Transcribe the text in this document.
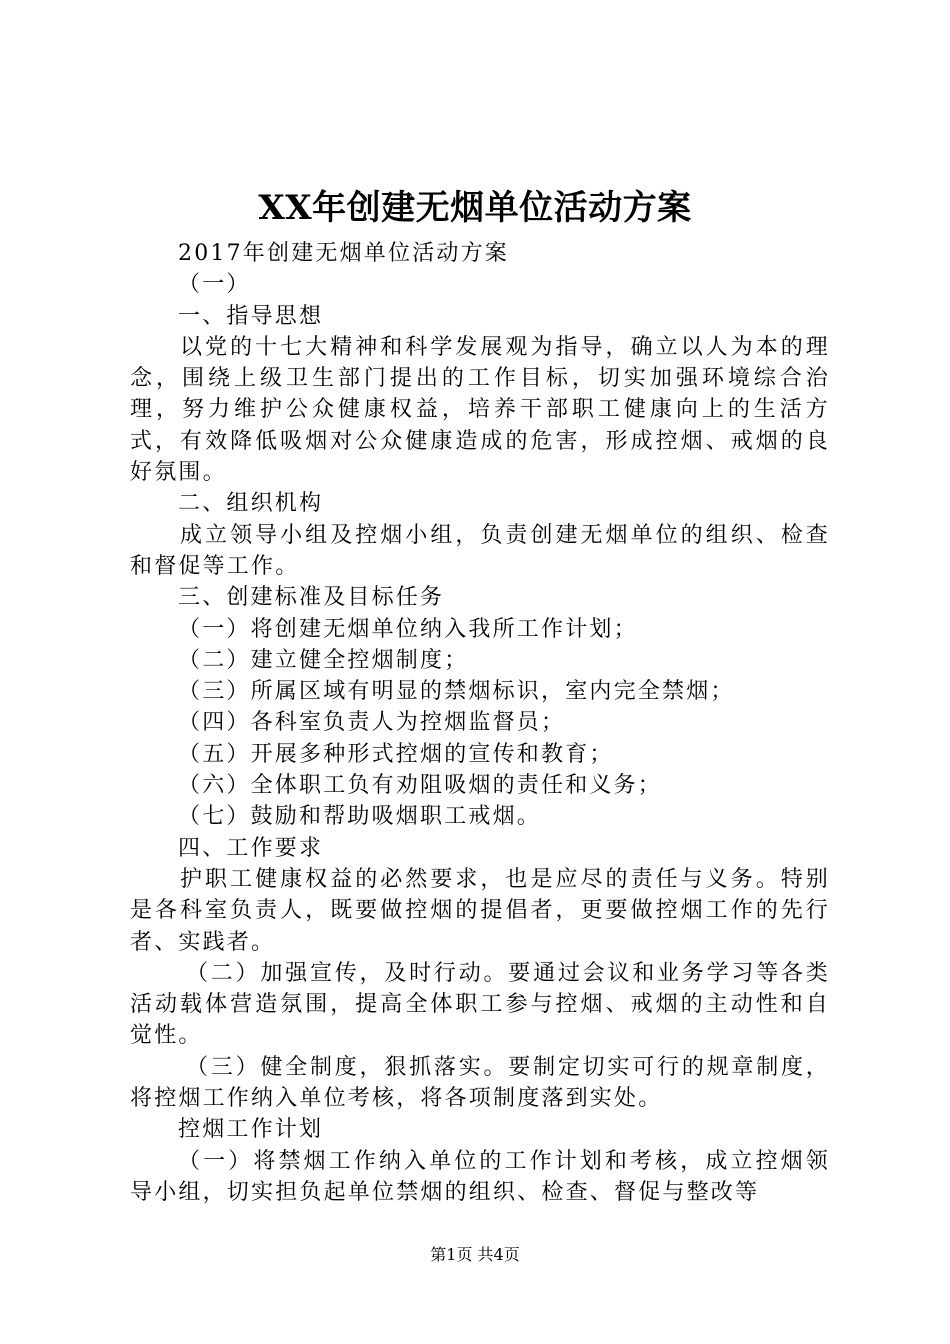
XX年创建无烟单位活动方案

2017年创建无烟单位活动方案

（一）

一、指导思想

以党的十七大精神和科学发展观为指导，确立以人为本的理念，围绕上级卫生部门提出的工作目标，切实加强环境综合治理，努力维护公众健康权益，培养干部职工健康向上的生活方式，有效降低吸烟对公众健康造成的危害，形成控烟、戒烟的良好氛围。

二、组织机构

成立领导小组及控烟小组，负责创建无烟单位的组织、检查和督促等工作。

三、创建标准及目标任务

（一）将创建无烟单位纳入我所工作计划；

（二）建立健全控烟制度；

（三）所属区域有明显的禁烟标识，室内完全禁烟；

（四）各科室负责人为控烟监督员；

（五）开展多种形式控烟的宣传和教育；

（六）全体职工负有劝阻吸烟的责任和义务；

（七）鼓励和帮助吸烟职工戒烟。

四、工作要求

护职工健康权益的必然要求，也是应尽的责任与义务。特别是各科室负责人，既要做控烟的提倡者，更要做控烟工作的先行者、实践者。

（二）加强宣传，及时行动。要通过会议和业务学习等各类活动载体营造氛围，提高全体职工参与控烟、戒烟的主动性和自觉性。

（三）健全制度，狠抓落实。要制定切实可行的规章制度，将控烟工作纳入单位考核，将各项制度落到实处。

控烟工作计划

（一）将禁烟工作纳入单位的工作计划和考核，成立控烟领导小组，切实担负起单位禁烟的组织、检查、督促与整改等

第1页 共4页
